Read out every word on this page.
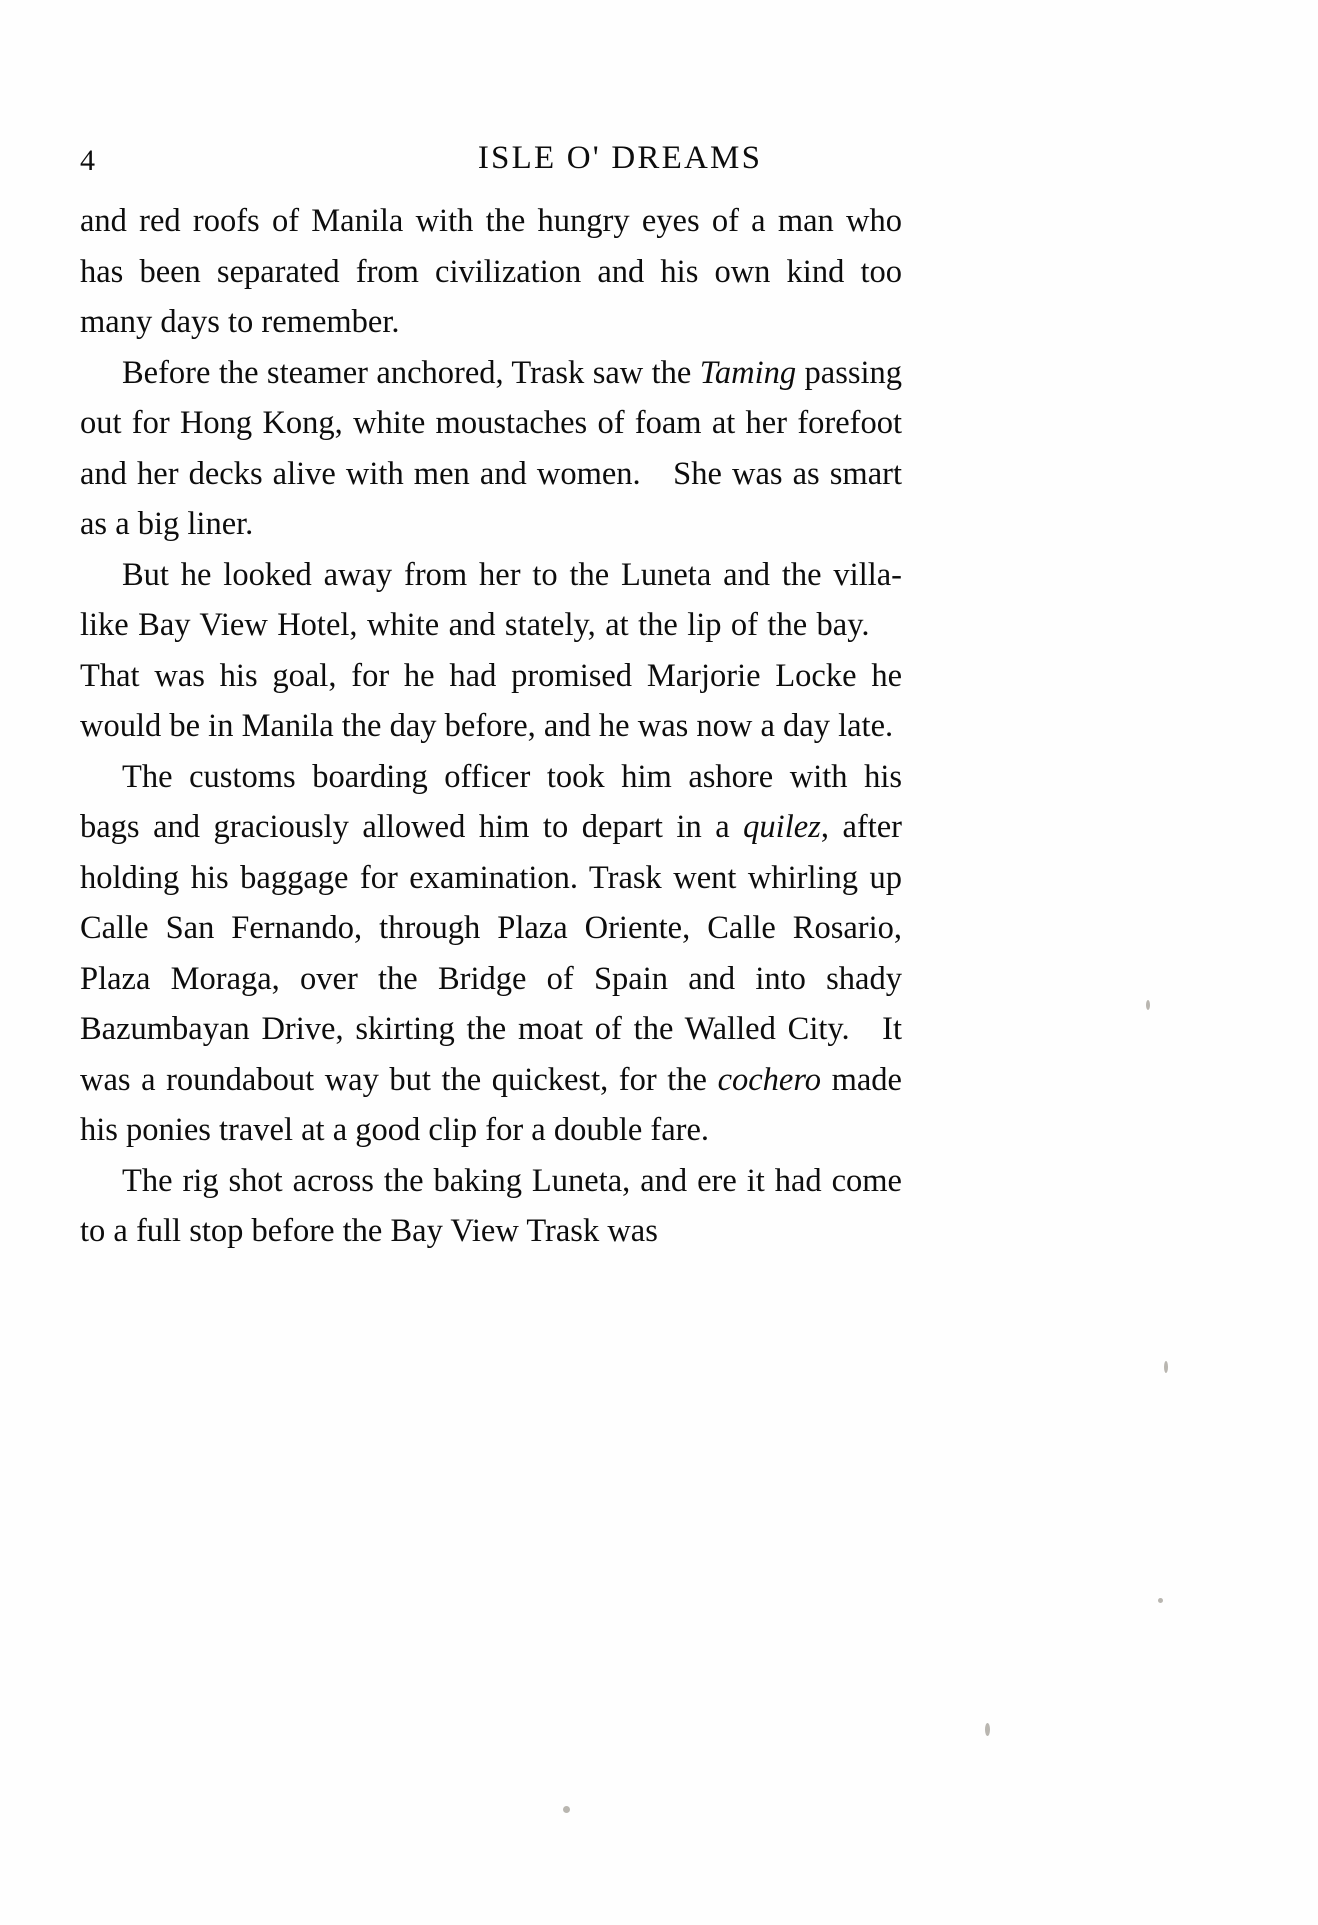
4	ISLE O' DREAMS

and red roofs of Manila with the hungry eyes of a man who has been separated from civilization and his own kind too many days to remember.

Before the steamer anchored, Trask saw the Taming passing out for Hong Kong, white moustaches of foam at her forefoot and her decks alive with men and women. She was as smart as a big liner.

But he looked away from her to the Luneta and the villa-like Bay View Hotel, white and stately, at the lip of the bay. That was his goal, for he had promised Marjorie Locke he would be in Manila the day before, and he was now a day late.

The customs boarding officer took him ashore with his bags and graciously allowed him to depart in a quilez, after holding his baggage for examination. Trask went whirling up Calle San Fernando, through Plaza Oriente, Calle Rosario, Plaza Moraga, over the Bridge of Spain and into shady Bazumbayan Drive, skirting the moat of the Walled City. It was a roundabout way but the quickest, for the cochero made his ponies travel at a good clip for a double fare.

The rig shot across the baking Luneta, and ere it had come to a full stop before the Bay View Trask was
